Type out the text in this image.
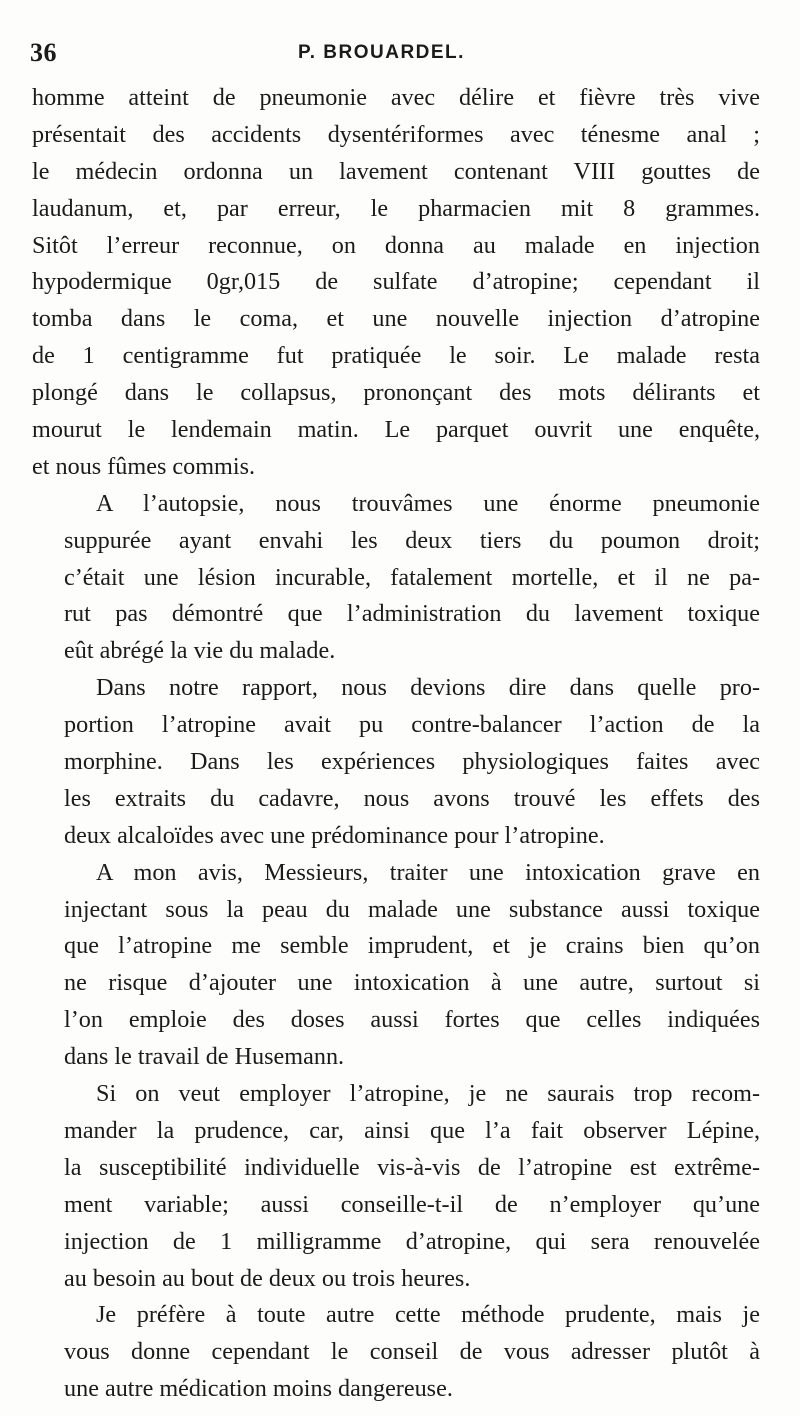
36	P. BROUARDEL.
homme atteint de pneumonie avec délire et fièvre très vive
présentait des accidents dysentériformes avec ténesme anal ;
le médecin ordonna un lavement contenant VIII gouttes de
laudanum, et, par erreur, le pharmacien mit 8 grammes.
Sitôt l’erreur reconnue, on donna au malade en injection
hypodermique 0gr,015 de sulfate d’atropine; cependant il
tomba dans le coma, et une nouvelle injection d’atropine
de 1 centigramme fut pratiquée le soir. Le malade resta
plongé dans le collapsus, prononçant des mots délirants et
mourut le lendemain matin. Le parquet ouvrit une enquête,
et nous fûmes commis.
A l’autopsie, nous trouvâmes une énorme pneumonie
suppurée ayant envahi les deux tiers du poumon droit;
c’était une lésion incurable, fatalement mortelle, et il ne pa-
rut pas démontré que l’administration du lavement toxique
eût abrégé la vie du malade.
Dans notre rapport, nous devions dire dans quelle pro-
portion l’atropine avait pu contre-balancer l’action de la
morphine. Dans les expériences physiologiques faites avec
les extraits du cadavre, nous avons trouvé les effets des
deux alcaloïdes avec une prédominance pour l’atropine.
A mon avis, Messieurs, traiter une intoxication grave en
injectant sous la peau du malade une substance aussi toxique
que l’atropine me semble imprudent, et je crains bien qu’on
ne risque d’ajouter une intoxication à une autre, surtout si
l’on emploie des doses aussi fortes que celles indiquées
dans le travail de Husemann.
Si on veut employer l’atropine, je ne saurais trop recom-
mander la prudence, car, ainsi que l’a fait observer Lépine,
la susceptibilité individuelle vis-à-vis de l’atropine est extrême-
ment variable; aussi conseille-t-il de n’employer qu’une
injection de 1 milligramme d’atropine, qui sera renouvelée
au besoin au bout de deux ou trois heures.
Je préfère à toute autre cette méthode prudente, mais je
vous donne cependant le conseil de vous adresser plutôt à
une autre médication moins dangereuse.
